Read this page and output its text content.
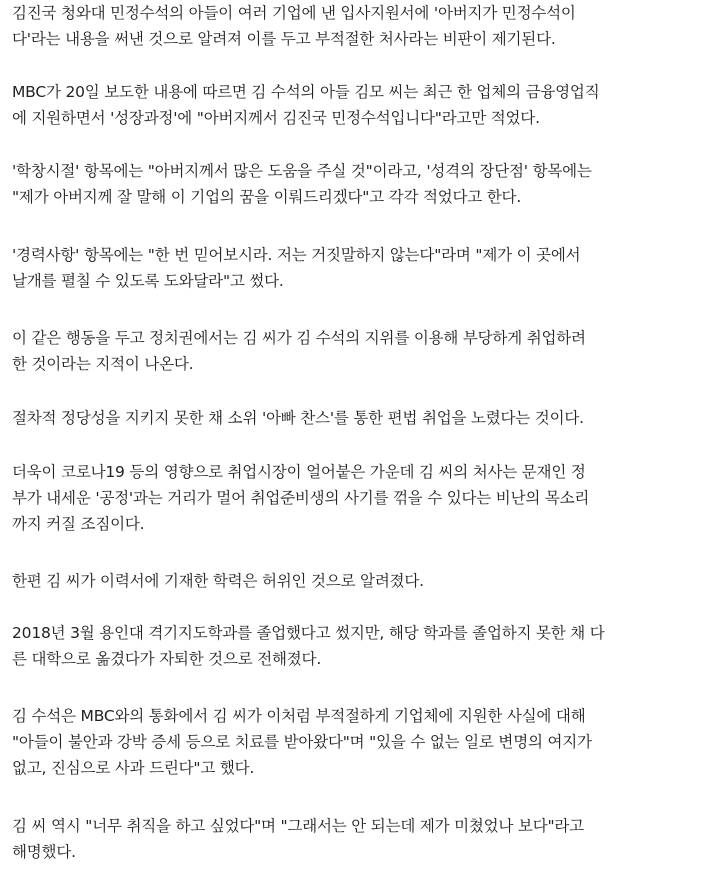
김진국 청와대 민정수석의 아들이 여러 기업에 낸 입사지원서에 '아버지가 민정수석이
다'라는 내용을 써낸 것으로 알려져 이를 두고 부적절한 처사라는 비판이 제기된다.

MBC가 20일 보도한 내용에 따르면 김 수석의 아들 김모 씨는 최근 한 업체의 금융영업직
에 지원하면서 '성장과정'에 "아버지께서 김진국 민정수석입니다"라고만 적었다.

'학창시절' 항목에는 "아버지께서 많은 도움을 주실 것"이라고, '성격의 장단점' 항목에는
"제가 아버지께 잘 말해 이 기업의 꿈을 이뤄드리겠다"고 각각 적었다고 한다.

'경력사항' 항목에는 "한 번 믿어보시라. 저는 거짓말하지 않는다"라며 "제가 이 곳에서
날개를 펼칠 수 있도록 도와달라"고 썼다.

이 같은 행동을 두고 정치권에서는 김 씨가 김 수석의 지위를 이용해 부당하게 취업하려
한 것이라는 지적이 나온다.

절차적 정당성을 지키지 못한 채 소위 '아빠 찬스'를 통한 편법 취업을 노렸다는 것이다.

더욱이 코로나19 등의 영향으로 취업시장이 얼어붙은 가운데 김 씨의 처사는 문재인 정
부가 내세운 '공정'과는 거리가 멀어 취업준비생의 사기를 꺾을 수 있다는 비난의 목소리
까지 커질 조짐이다.

한편 김 씨가 이력서에 기재한 학력은 허위인 것으로 알려졌다.

2018년 3월 용인대 격기지도학과를 졸업했다고 썼지만, 해당 학과를 졸업하지 못한 채 다
른 대학으로 옮겼다가 자퇴한 것으로 전해졌다.

김 수석은 MBC와의 통화에서 김 씨가 이처럼 부적절하게 기업체에 지원한 사실에 대해
"아들이 불안과 강박 증세 등으로 치료를 받아왔다"며 "있을 수 없는 일로 변명의 여지가
없고, 진심으로 사과 드린다"고 했다.

김 씨 역시 "너무 취직을 하고 싶었다"며 "그래서는 안 되는데 제가 미쳤었나 보다"라고
해명했다.
